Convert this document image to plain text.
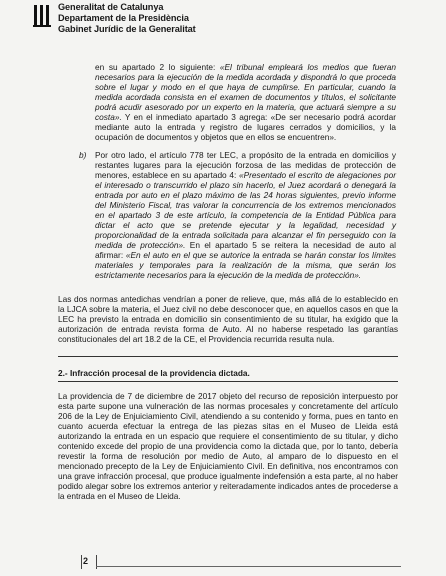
Generalitat de Catalunya
Departament de la Presidència
Gabinet Jurídic de la Generalitat

en su apartado 2 lo siguiente: «El tribunal empleará los medios que fueran necesarios para la ejecución de la medida acordada y dispondrá lo que proceda sobre el lugar y modo en el que haya de cumplirse. En particular, cuando la medida acordada consista en el examen de documentos y títulos, el solicitante podrá acudir asesorado por un experto en la materia, que actuará siempre a su costa». Y en el inmediato apartado 3 agrega: «De ser necesario podrá acordar mediante auto la entrada y registro de lugares cerrados y domicilios, y la ocupación de documentos y objetos que en ellos se encuentren».

b) Por otro lado, el artículo 778 ter LEC, a propósito de la entrada en domicilios y restantes lugares para la ejecución forzosa de las medidas de protección de menores, establece en su apartado 4: «Presentado el escrito de alegaciones por el interesado o transcurrido el plazo sin hacerlo, el Juez acordará o denegará la entrada por auto en el plazo máximo de las 24 horas siguientes, previo informe del Ministerio Fiscal, tras valorar la concurrencia de los extremos mencionados en el apartado 3 de este artículo, la competencia de la Entidad Pública para dictar el acto que se pretende ejecutar y la legalidad, necesidad y proporcionalidad de la entrada solicitada para alcanzar el fin perseguido con la medida de protección». En el apartado 5 se reitera la necesidad de auto al afirmar: «En el auto en el que se autorice la entrada se harán constar los límites materiales y temporales para la realización de la misma, que serán los estrictamente necesarios para la ejecución de la medida de protección».

Las dos normas antedichas vendrían a poner de relieve, que, más allá de lo establecido en la LJCA sobre la materia, el Juez civil no debe desconocer que, en aquellos casos en que la LEC ha previsto la entrada en domicilio sin consentimiento de su titular, ha exigido que la autorización de entrada revista forma de Auto. Al no haberse respetado las garantías constitucionales del art 18.2 de la CE, el Providencia recurrida resulta nula.

2.- Infracción procesal de la providencia dictada.

La providencia de 7 de diciembre de 2017 objeto del recurso de reposición interpuesto por esta parte supone una vulneración de las normas procesales y concretamente del artículo 206 de la Ley de Enjuiciamiento Civil, atendiendo a su contenido y forma, pues en tanto en cuanto acuerda efectuar la entrega de las piezas sitas en el Museo de Lleida está autorizando la entrada en un espacio que requiere el consentimiento de su titular, y dicho contenido excede del propio de una providencia como la dictada que, por lo tanto, debería revestir la forma de resolución por medio de Auto, al amparo de lo dispuesto en el mencionado precepto de la Ley de Enjuiciamiento Civil. En definitiva, nos encontramos con una grave infracción procesal, que produce igualmente indefensión a esta parte, al no haber podido alegar sobre los extremos anterior y reiteradamente indicados antes de procederse a la entrada en el Museo de Lleida.

2
